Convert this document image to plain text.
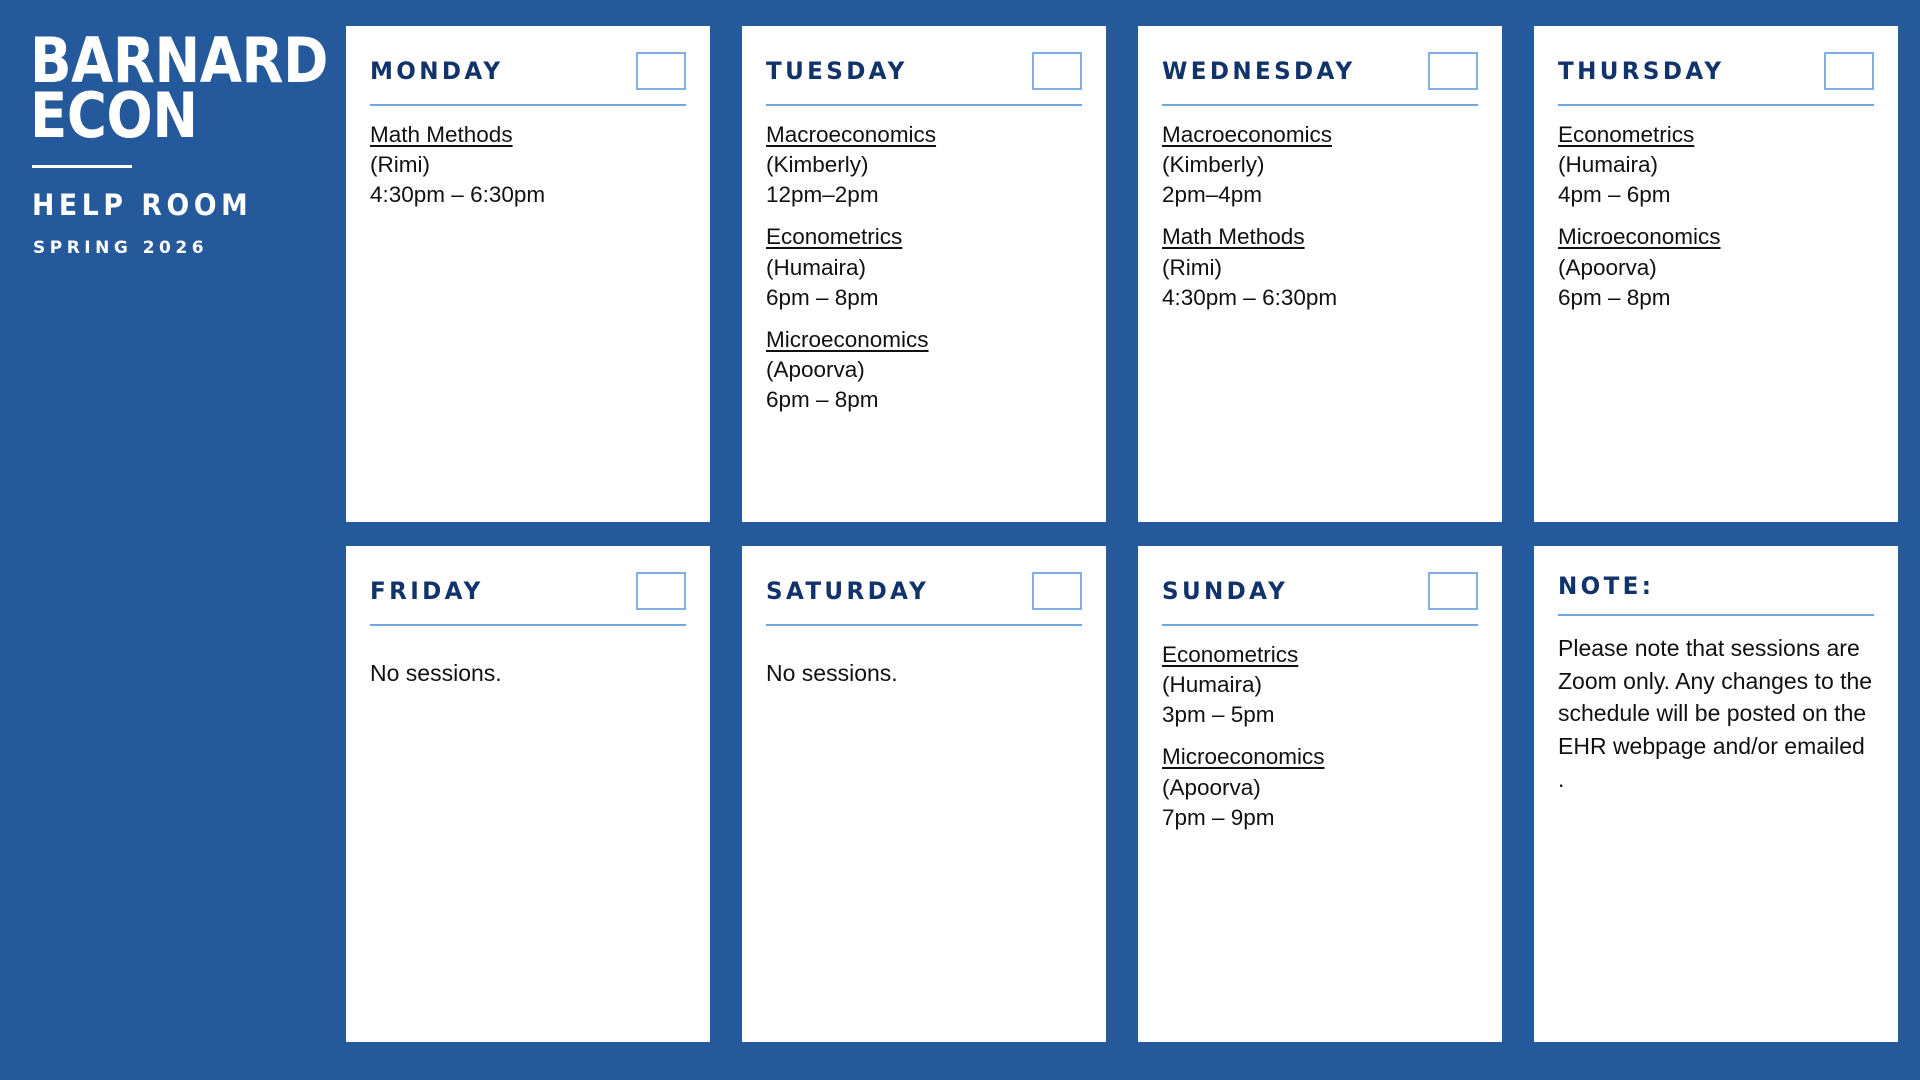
BARNARD
ECON
HELP ROOM
SPRING 2026
MONDAY
Math Methods
(Rimi)
4:30pm – 6:30pm
TUESDAY
Macroeconomics
(Kimberly)
12pm–2pm
Econometrics
(Humaira)
6pm – 8pm
Microeconomics
(Apoorva)
6pm – 8pm
WEDNESDAY
Macroeconomics
(Kimberly)
2pm–4pm
Math Methods
(Rimi)
4:30pm – 6:30pm
THURSDAY
Econometrics
(Humaira)
4pm – 6pm
Microeconomics
(Apoorva)
6pm – 8pm
FRIDAY
No sessions.
SATURDAY
No sessions.
SUNDAY
Econometrics
(Humaira)
3pm – 5pm
Microeconomics
(Apoorva)
7pm – 9pm
NOTE:
Please note that sessions are Zoom only. Any changes to the schedule will be posted on the EHR webpage and/or emailed .
